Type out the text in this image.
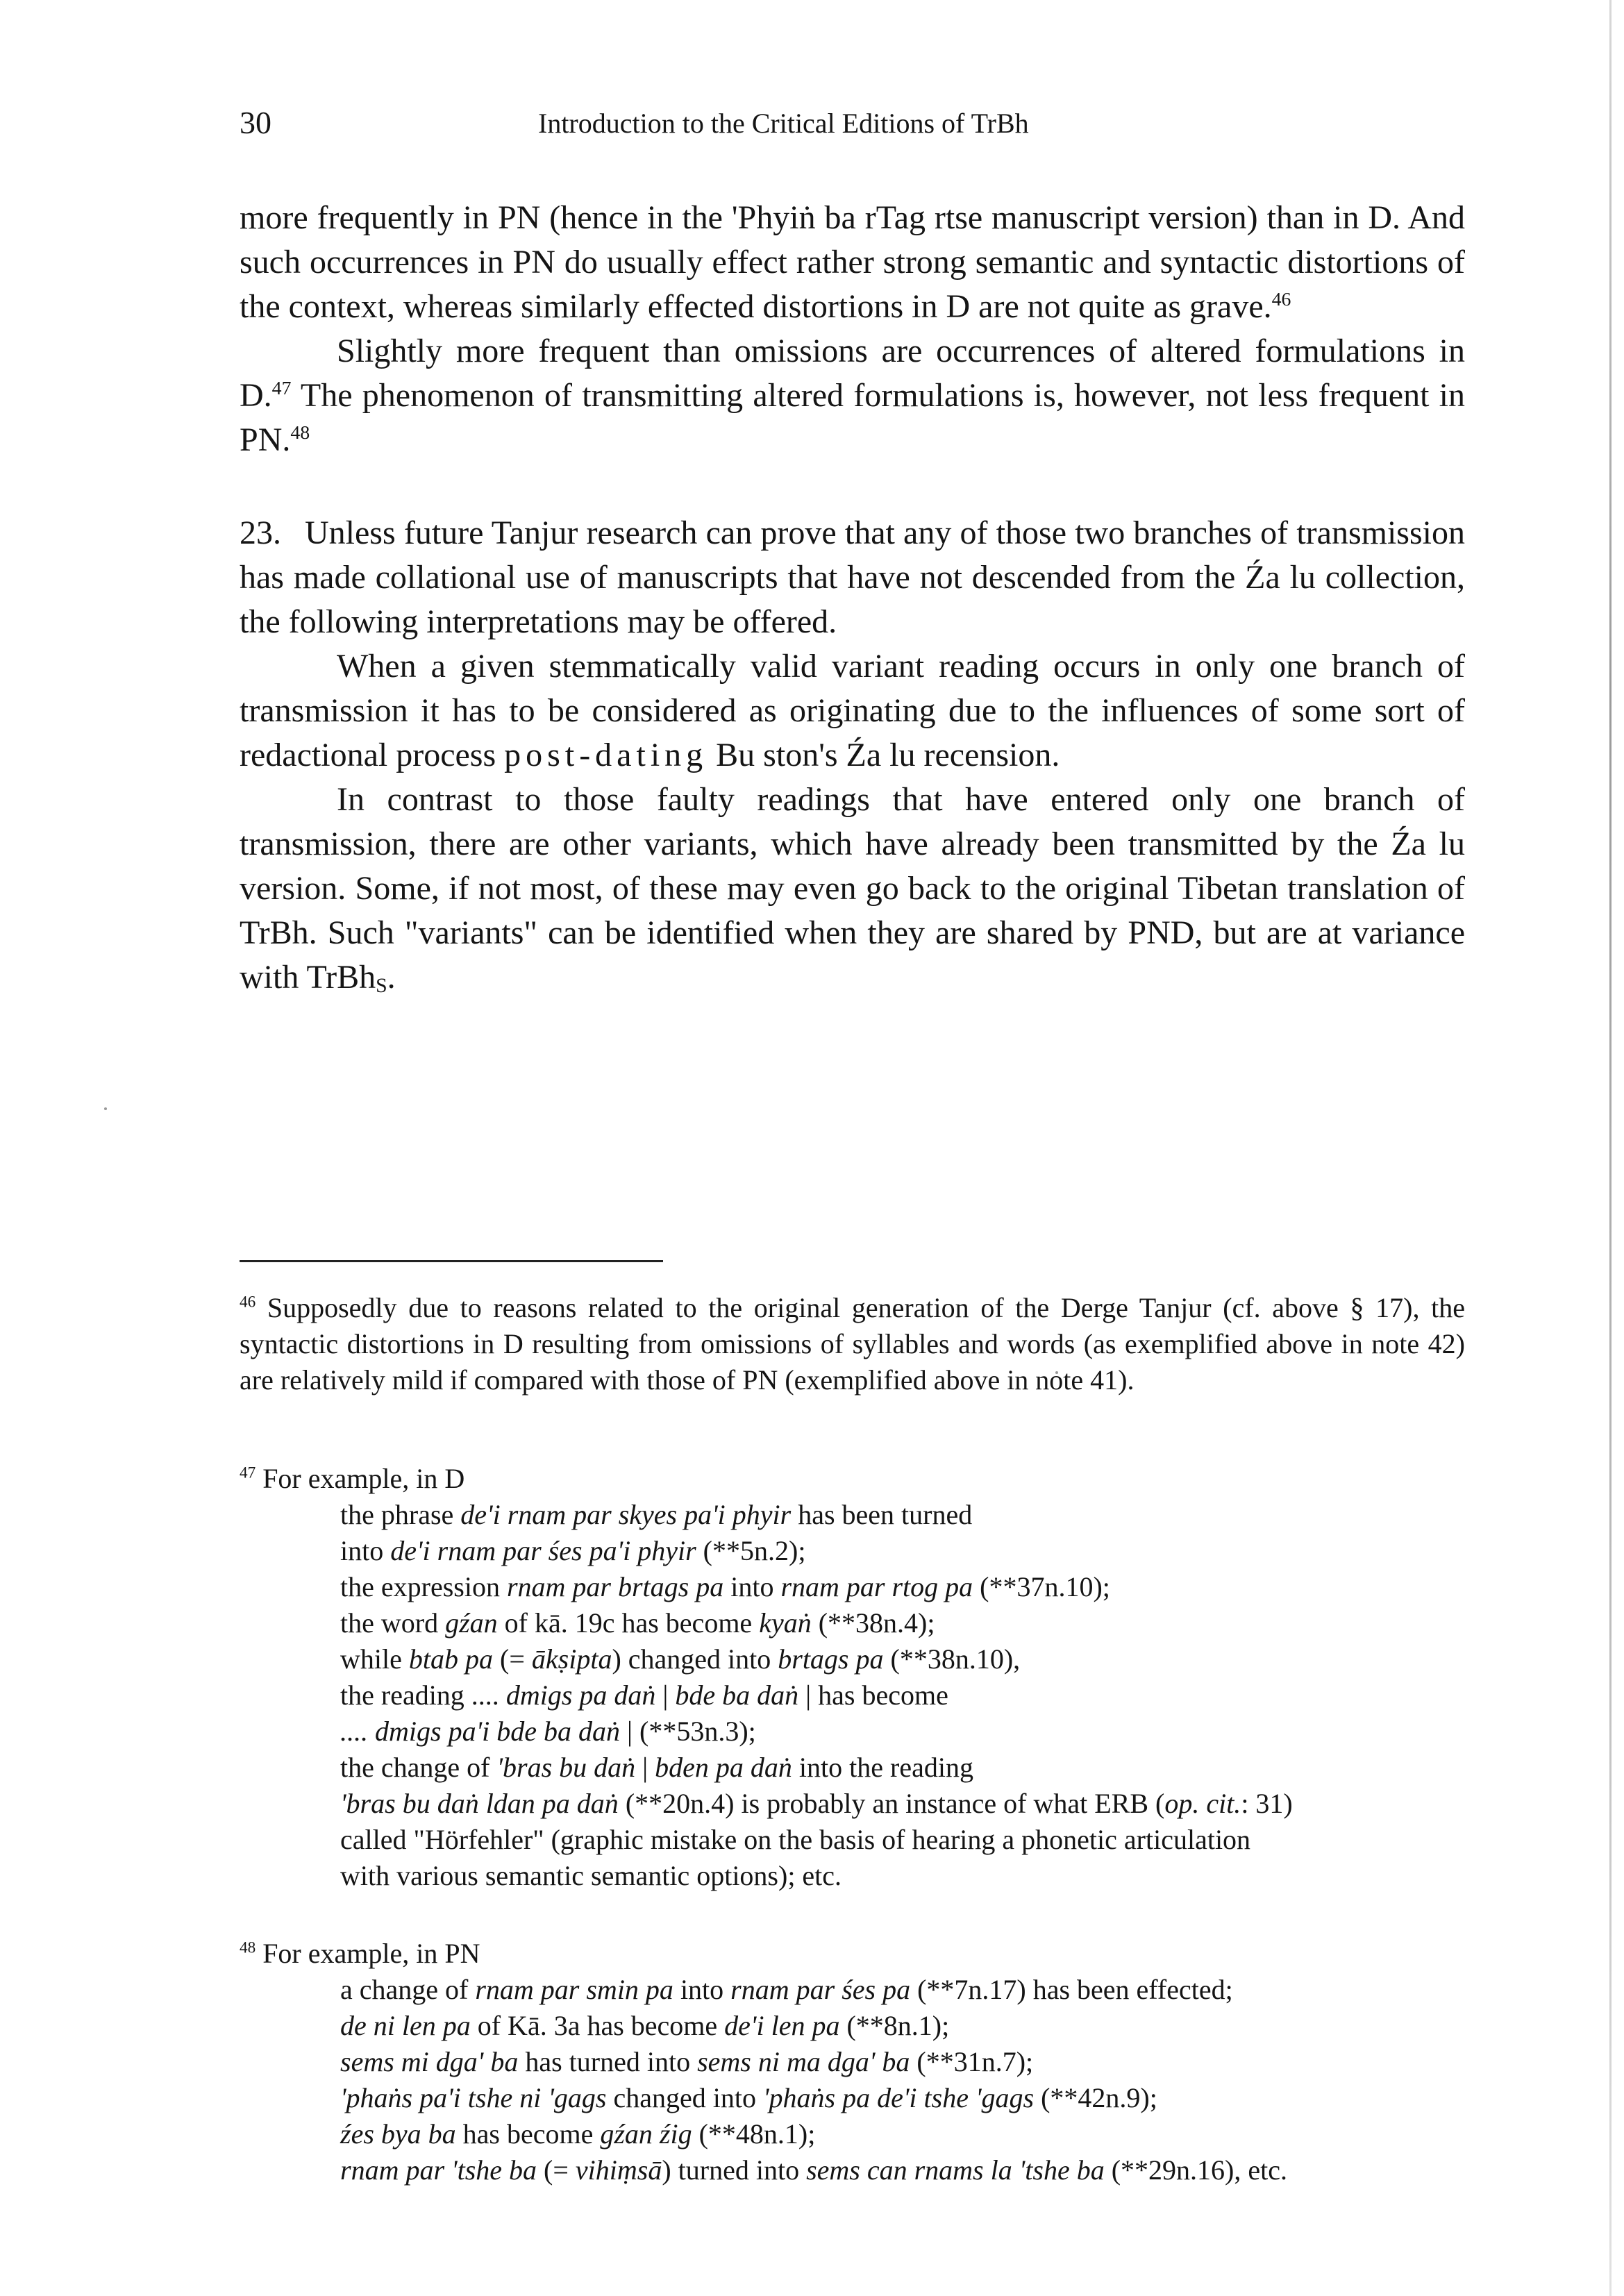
30	Introduction to the Critical Editions of TrBh

more frequently in PN (hence in the 'Phyiṅ ba rTag rtse manuscript version) than in D. And such occurrences in PN do usually effect rather strong semantic and syntactic distortions of the context, whereas similarly effected distortions in D are not quite as grave.$^{46}$

Slightly more frequent than omissions are occurrences of altered formulations in D.$^{47}$ The phenomenon of transmitting altered formulations is, however, not less frequent in PN.$^{48}$

23. Unless future Tanjur research can prove that any of those two branches of transmission has made collational use of manuscripts that have not descended from the Źa lu collection, the following interpretations may be offered.

When a given stemmatically valid variant reading occurs in only one branch of transmission it has to be considered as originating due to the influences of some sort of redactional process post-dating Bu ston's Źa lu recension.

In contrast to those faulty readings that have entered only one branch of transmission, there are other variants, which have already been transmitted by the Źa lu version. Some, if not most, of these may even go back to the original Tibetan translation of TrBh. Such "variants" can be identified when they are shared by PND, but are at variance with TrBh$_S$.

$^{46}$ Supposedly due to reasons related to the original generation of the Derge Tanjur (cf. above § 17), the syntactic distortions in D resulting from omissions of syllables and words (as exemplified above in note 42) are relatively mild if compared with those of PN (exemplified above in note 41).

$^{47}$ For example, in D

the phrase de'i rnam par skyes pa'i phyir has been turned
into de'i rnam par śes pa'i phyir (**5n.2);
the expression rnam par brtags pa into rnam par rtog pa (**37n.10);
the word gźan of kā. 19c has become kyaṅ (**38n.4);
while btab pa (= ākṣipta) changed into brtags pa (**38n.10),
the reading .... dmigs pa daṅ | bde ba daṅ | has become
.... dmigs pa'i bde ba daṅ | (**53n.3);
the change of 'bras bu daṅ | bden pa daṅ into the reading
'bras bu daṅ ldan pa daṅ (**20n.4) is probably an instance of what ERB (op. cit.: 31)
called "Hörfehler" (graphic mistake on the basis of hearing a phonetic articulation
with various semantic semantic options); etc.

$^{48}$ For example, in PN

a change of rnam par smin pa into rnam par śes pa (**7n.17) has been effected;
de ni len pa of Kā. 3a has become de'i len pa (**8n.1);
sems mi dga' ba has turned into sems ni ma dga' ba (**31n.7);
'phaṅs pa'i tshe ni 'gags changed into 'phaṅs pa de'i tshe 'gags (**42n.9);
źes bya ba has become gźan źig (**48n.1);
rnam par 'tshe ba (= vihiṃsā) turned into sems can rnams la 'tshe ba (**29n.16), etc.
